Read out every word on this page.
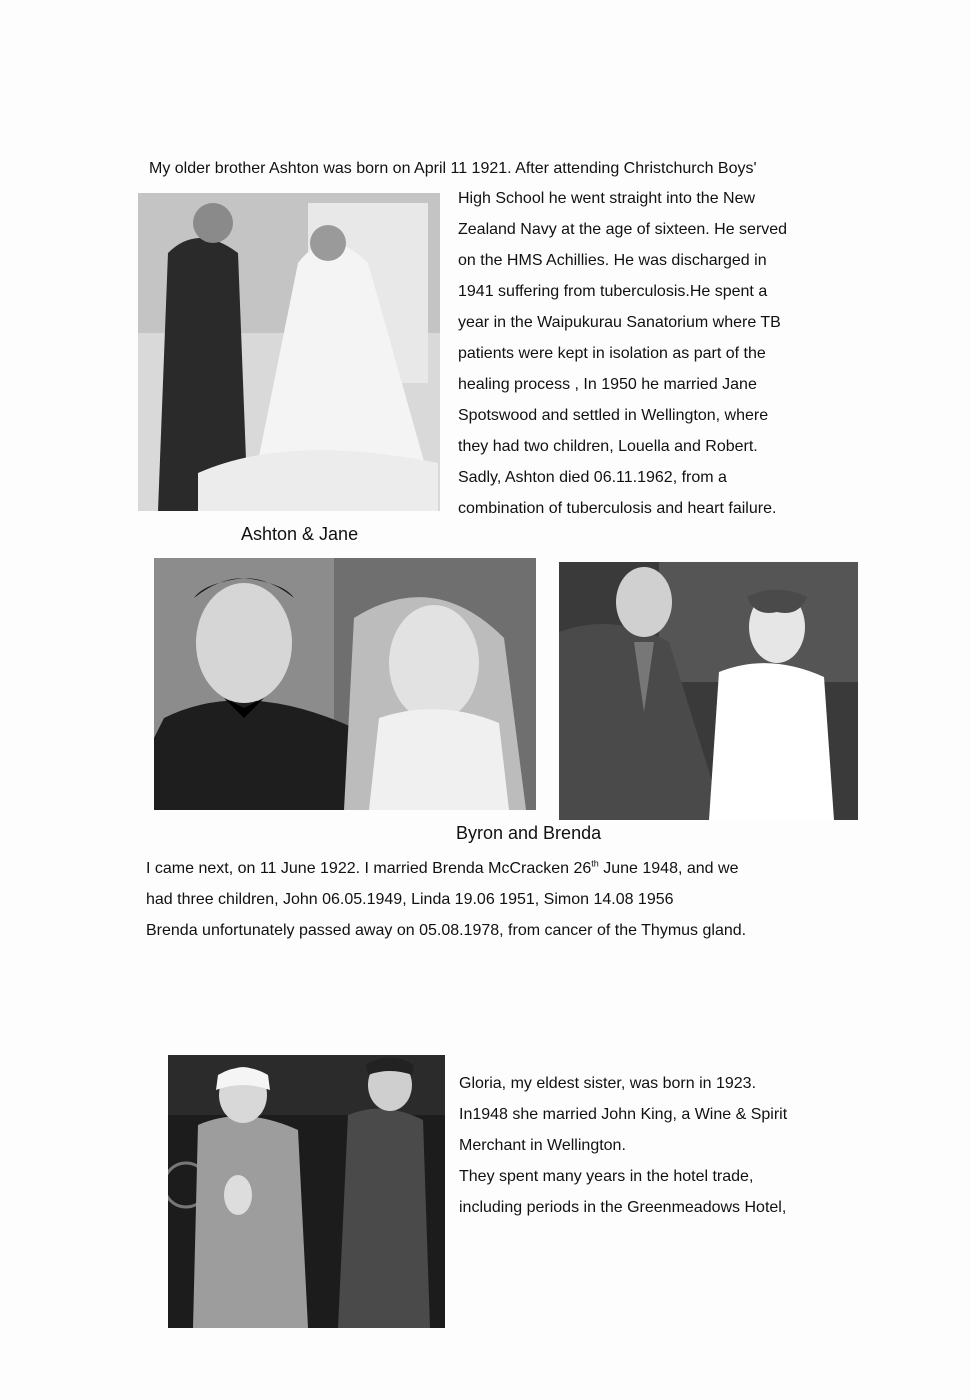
My older brother Ashton was born on April 11 1921. After attending Christchurch Boys'
High School he went straight into the New
Zealand Navy at the age of sixteen. He served
on the HMS Achillies. He was discharged in
1941 suffering from tuberculosis.He spent a
year in the Waipukurau Sanatorium where TB
patients were kept in isolation as part of the
healing process , In 1950 he married Jane
Spotswood and settled in Wellington, where
they had two children, Louella and Robert.
Sadly, Ashton died 06.11.1962, from a
combination of tuberculosis and heart failure.
Ashton & Jane
Byron and Brenda
I came next, on 11 June 1922. I married Brenda McCracken 26th June 1948, and we
had three children, John 06.05.1949, Linda 19.06 1951, Simon 14.08 1956
Brenda unfortunately passed away on 05.08.1978, from cancer of the Thymus gland.
Gloria, my eldest sister, was born in 1923.
In1948 she married John King, a Wine & Spirit
Merchant in Wellington.
They spent many years in the hotel trade,
including periods in the Greenmeadows Hotel,
